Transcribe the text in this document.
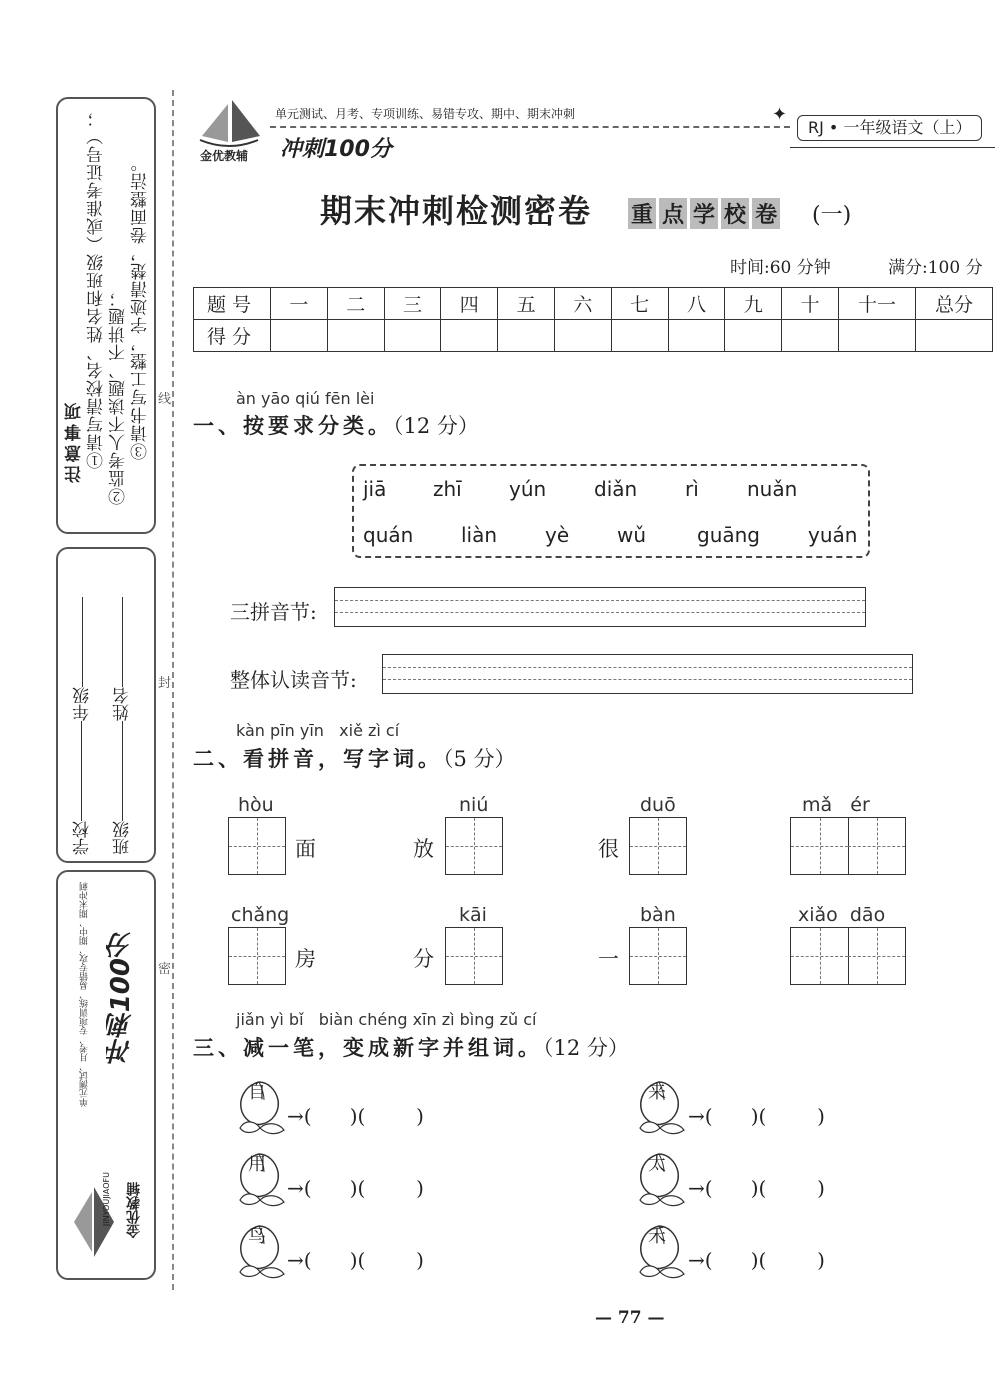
注意事项 ①请写清校名、姓名和班级（或准考证号）； ②监考人不读题、不讲题； ③请书写工整，字迹清楚，卷面整洁。
学校年级
班级姓名
单元测试、月考、专项训练、易错专攻、期中、期末冲刺 冲刺100分
JINYOUJIAOFU 金优教辅
线
封
密
金优教辅
单元测试、月考、专项训练、易错专攻、期中、期末冲刺
冲刺100分
✦
RJ • 一年级语文（上）
期末冲刺检测密卷 重 点 学 校 卷 (一)
时间:60 分钟	满分:100 分
题号	一	二	三	四	五	六	七	八	九	十	十一	总分
得分												
àn yāo qiú fēn lèi
一、按要求分类。（12 分）
jiā zhī yún diǎn rì nuǎn
quán liàn yè wǔ	guāng yuán
三拼音节:
整体认读音节:
kàn pīn yīn   xiě zì cí
二、看拼音，写字词。（5 分）
hòu
面
niú
放
duō
很
mǎ   ér
chǎng
房
kāi
分
bàn
一
xiǎo  dāo
jiǎn yì bǐ   biàn chéng xīn zì bìng zǔ cí
三、减一笔，变成新字并组词。（12 分）
自
→(      )(        )
用
→(      )(        )
鸟
→(      )(        )
来
→(      )(        )
太
→(      )(        )
禾
→(      )(        )
— 77 —
